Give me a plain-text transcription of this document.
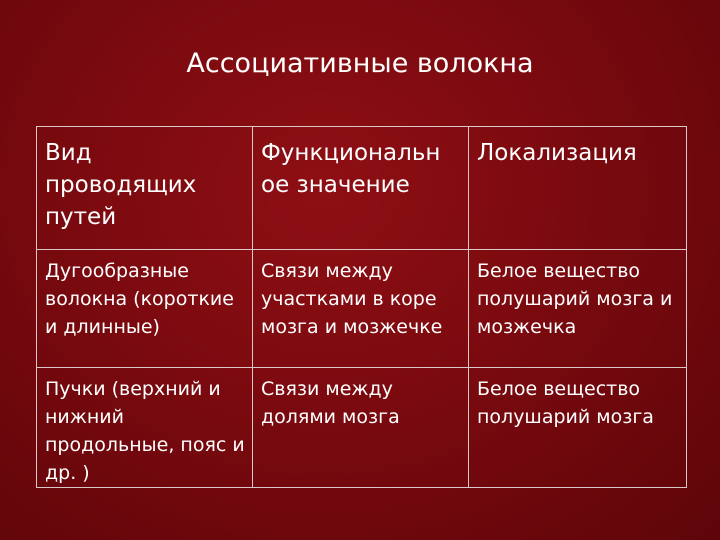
Ассоциативные волокна
Вид проводящих путей	Функциональн ое значение	Локализация
Дугообразные волокна (короткие и длинные)	Связи между участками в коре мозга и мозжечке	Белое вещество полушарий мозга и мозжечка
Пучки (верхний и нижний продольные, пояс и др. )	Связи между долями мозга	Белое вещество полушарий мозга
